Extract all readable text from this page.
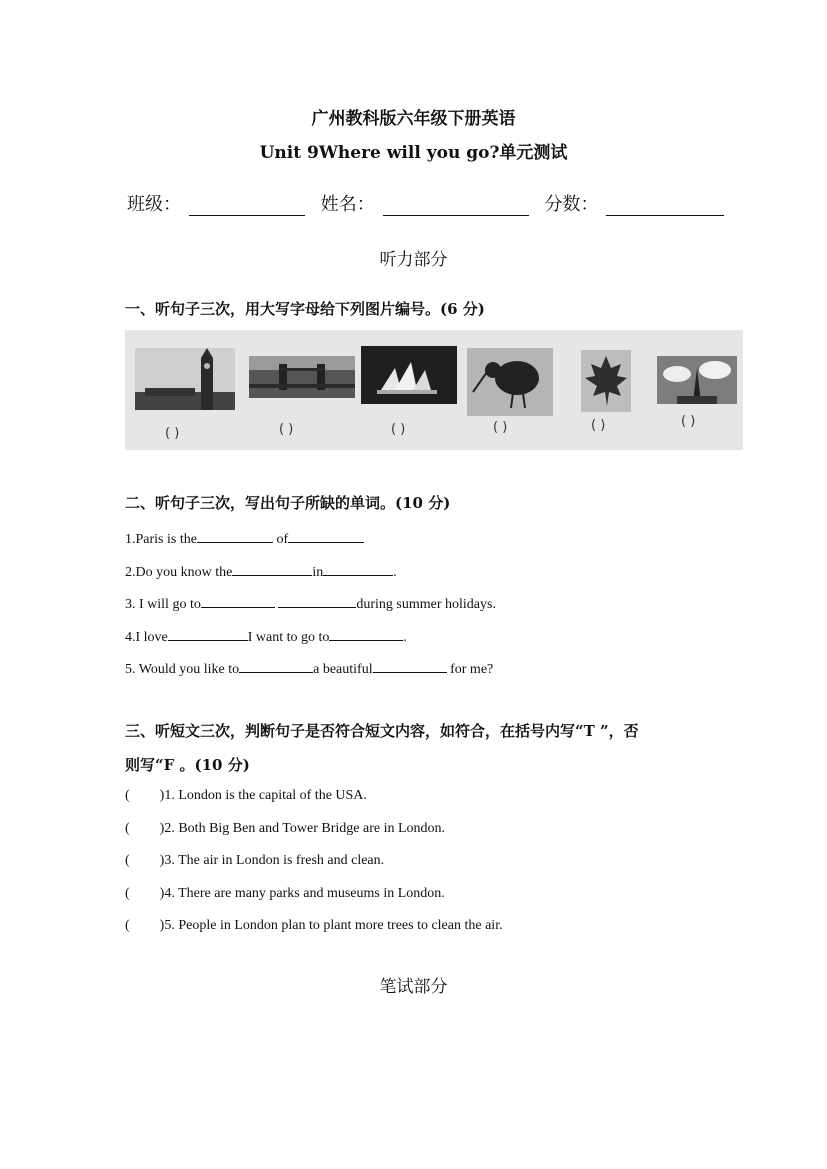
广州教科版六年级下册英语
Unit 9Where will you go?单元测试
班级：	姓名：	分数：
听力部分
一、听句子三次，用大写字母给下列图片编号。(6 分)
( )	( )	( )	( )	( )	( )
二、听句子三次，写出句子所缺的单词。(10 分)
1.Paris is the	of
2.Do you know the	in	.
3. I will go to	during summer holidays.
4.I love	I want to go to	.
5. Would you like to	a beautiful	for me?
三、听短文三次，判断句子是否符合短文内容，如符合，在括号内写“T ”，否
则写“F 。(10 分)
( )1. London is the capital of the USA.
( )2. Both Big Ben and Tower Bridge are in London.
( )3. The air in London is fresh and clean.
( )4. There are many parks and museums in London.
( )5. People in London plan to plant more trees to clean the air.
笔试部分
